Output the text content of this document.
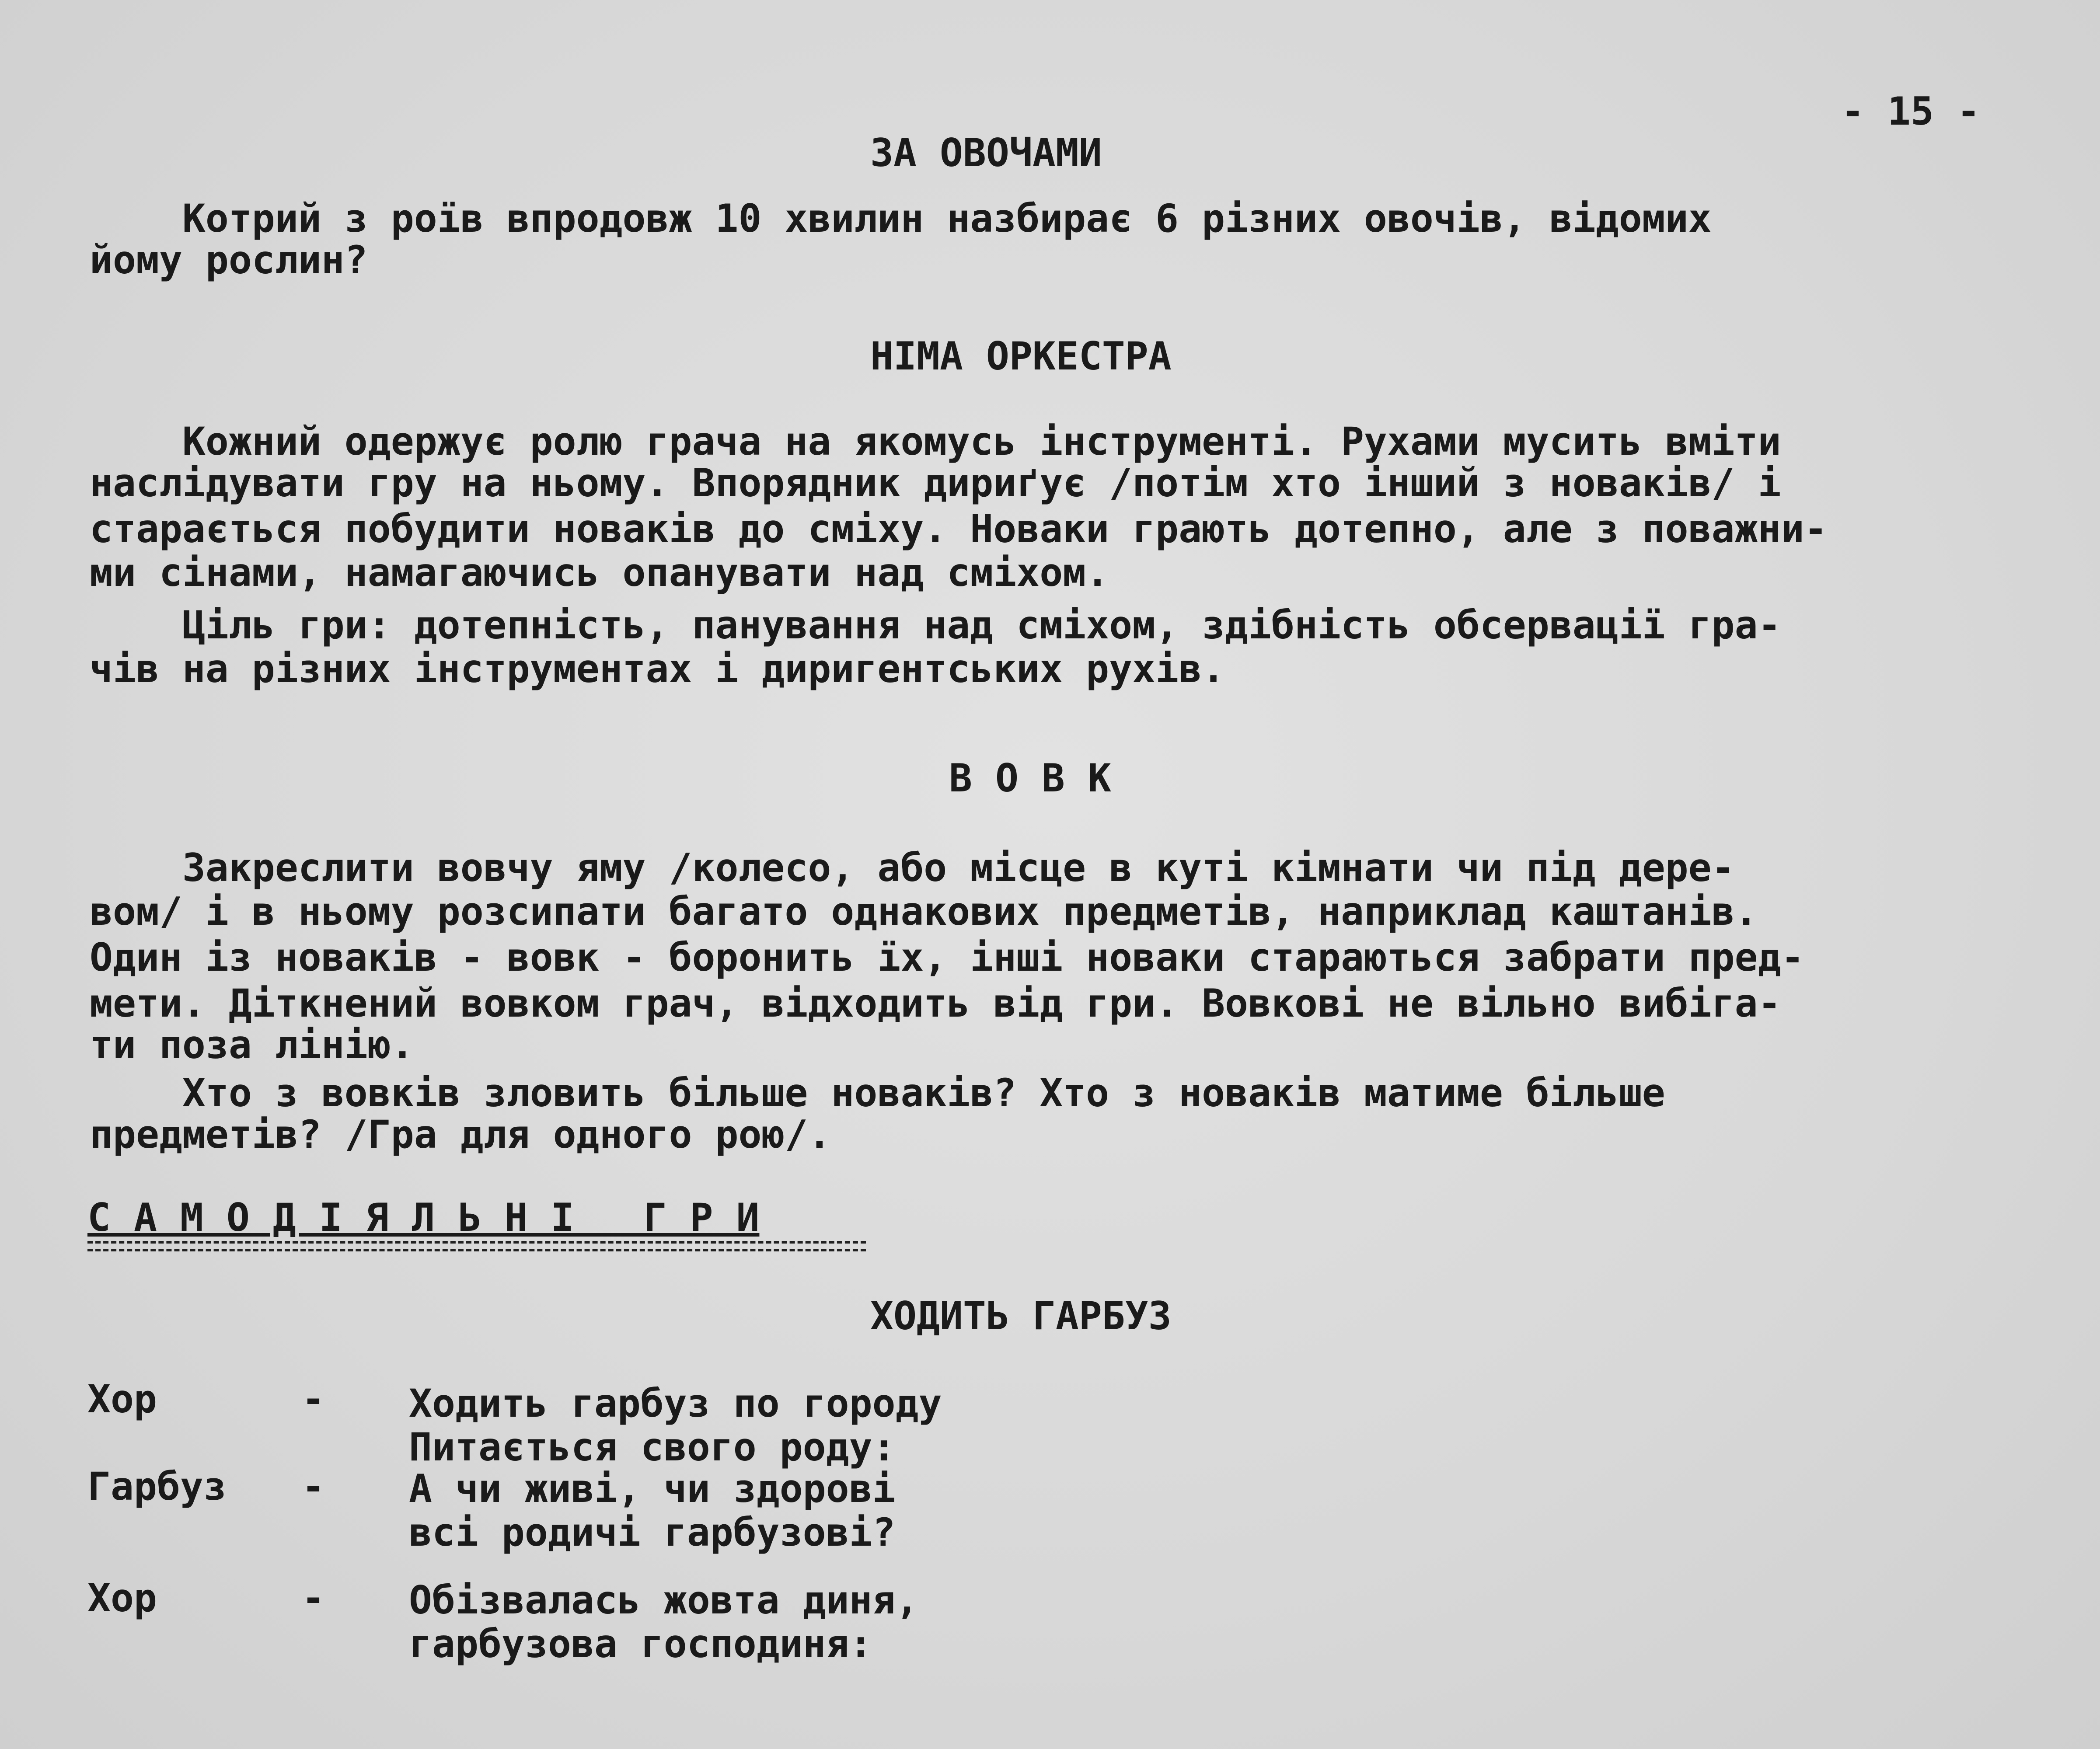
- 15 -
ЗА ОВОЧАМИ
Котрий з роїв впродовж 10 хвилин назбирає 6 різних овочів, відомих
йому рослин?
НІМА ОРКЕСТРА
Кожний одержує ролю грача на якомусь інструменті. Рухами мусить вміти
наслідувати гру на ньому. Впорядник дириґує /потім хто інший з новаків/ і
старається побудити новаків до сміху. Новаки грають дотепно, але з поважни-
ми сінами, намагаючись опанувати над сміхом.
Ціль гри: дотепність, панування над сміхом, здібність обсервації гра-
чів на різних інструментах і диригентських рухів.
В О В К
Закреслити вовчу яму /колесо, або місце в куті кімнати чи під дере-
вом/ і в ньому розсипати багато однакових предметів, наприклад каштанів.
Один із новаків - вовк - боронить їх, інші новаки стараються забрати пред-
мети. Діткнений вовком грач, відходить від гри. Вовкові не вільно вибіга-
ти поза лінію.
Хто з вовків зловить більше новаків? Хто з новаків матиме більше
предметів? /Гра для одного рою/.
С А М О Д І Я Л Ь Н І   Г Р И
ХОДИТЬ ГАРБУЗ
Хор	- Ходить гарбуз по городу
Питається свого роду:
Гарбуз - А чи живі, чи здорові
всі родичі гарбузові?
Хор	- Обізвалась жовта диня,
гарбузова господиня:
